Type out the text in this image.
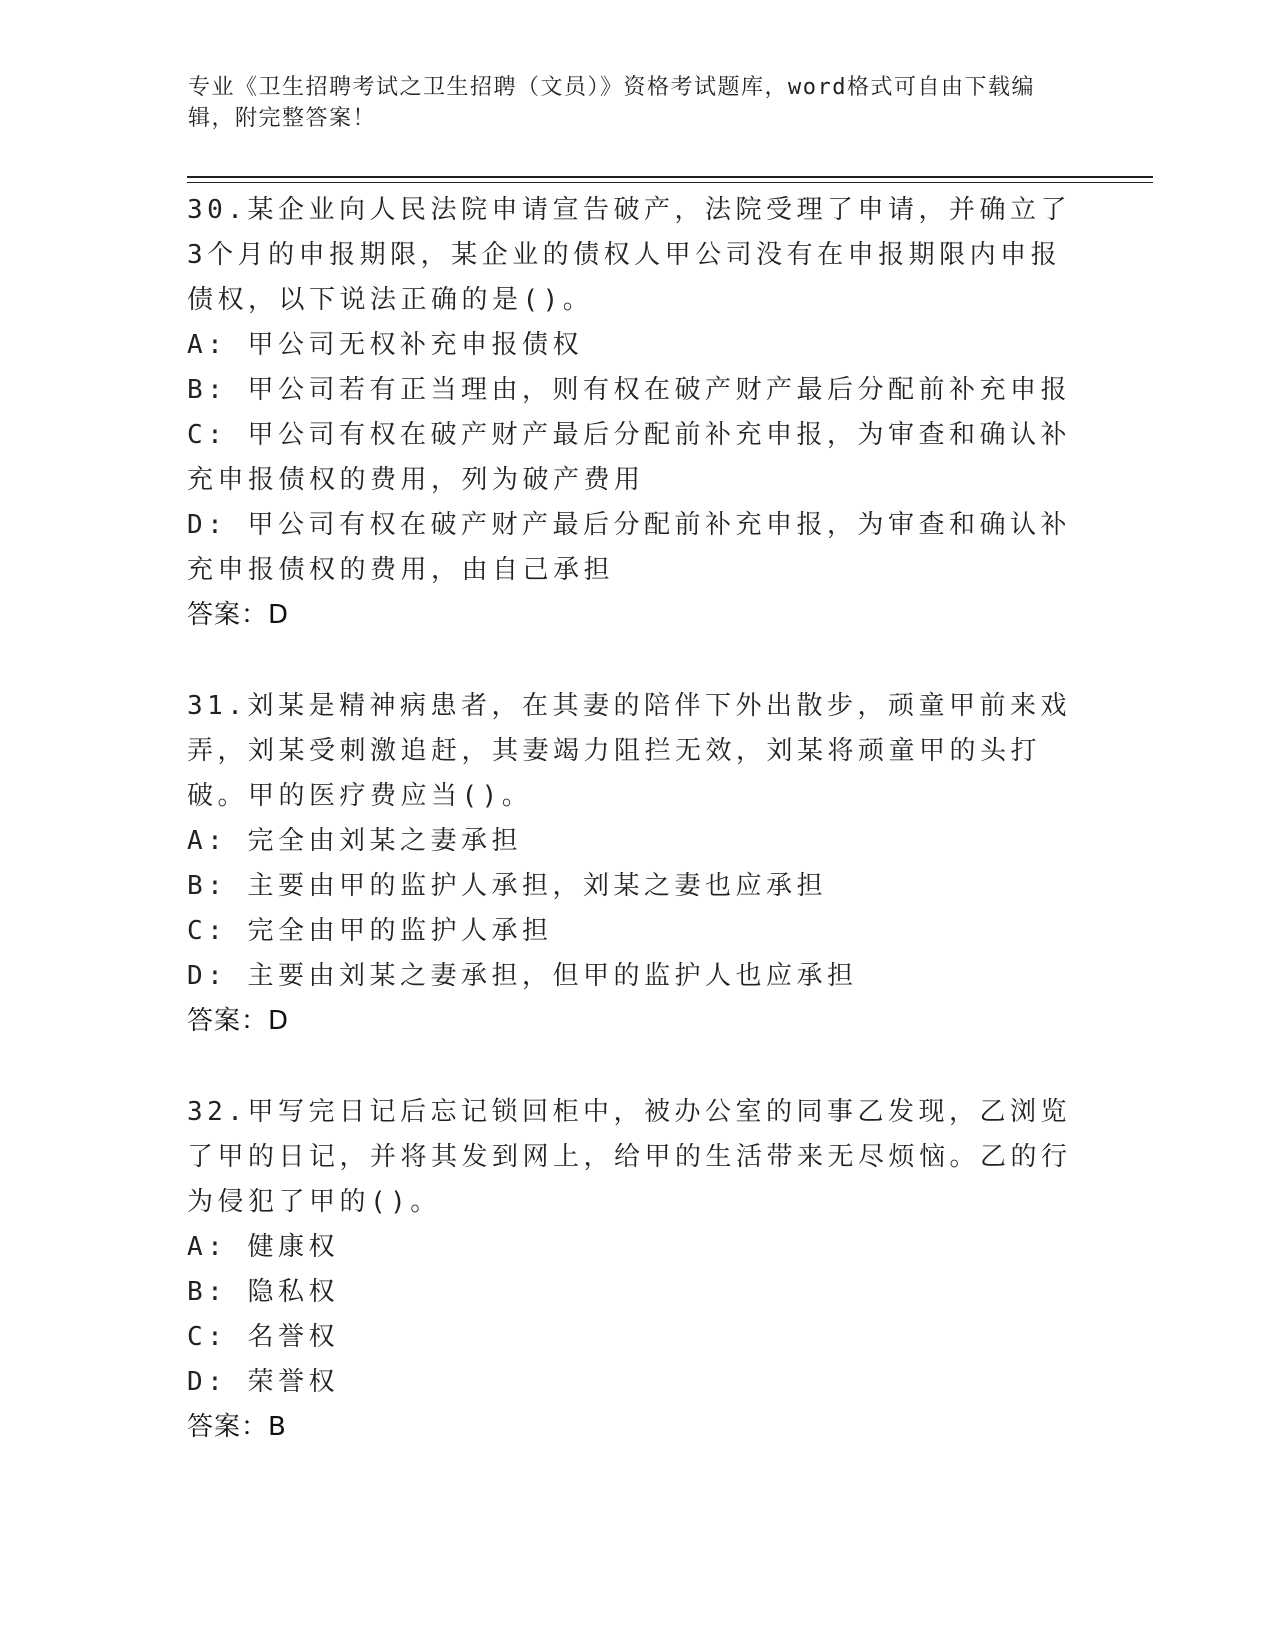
专业《卫生招聘考试之卫生招聘（文员）》资格考试题库，word格式可自由下载编辑，附完整答案！

30.某企业向人民法院申请宣告破产，法院受理了申请，并确立了3个月的申报期限，某企业的债权人甲公司没有在申报期限内申报债权，以下说法正确的是()。

A: 甲公司无权补充申报债权

B: 甲公司若有正当理由，则有权在破产财产最后分配前补充申报

C: 甲公司有权在破产财产最后分配前补充申报，为审查和确认补充申报债权的费用，列为破产费用

D: 甲公司有权在破产财产最后分配前补充申报，为审查和确认补充申报债权的费用，由自己承担

答案：D

31.刘某是精神病患者，在其妻的陪伴下外出散步，顽童甲前来戏弄，刘某受刺激追赶，其妻竭力阻拦无效，刘某将顽童甲的头打破。甲的医疗费应当()。

A: 完全由刘某之妻承担

B: 主要由甲的监护人承担，刘某之妻也应承担

C: 完全由甲的监护人承担

D: 主要由刘某之妻承担，但甲的监护人也应承担

答案：D

32.甲写完日记后忘记锁回柜中，被办公室的同事乙发现，乙浏览了甲的日记，并将其发到网上，给甲的生活带来无尽烦恼。乙的行为侵犯了甲的()。

A: 健康权

B: 隐私权

C: 名誉权

D: 荣誉权

答案：B
